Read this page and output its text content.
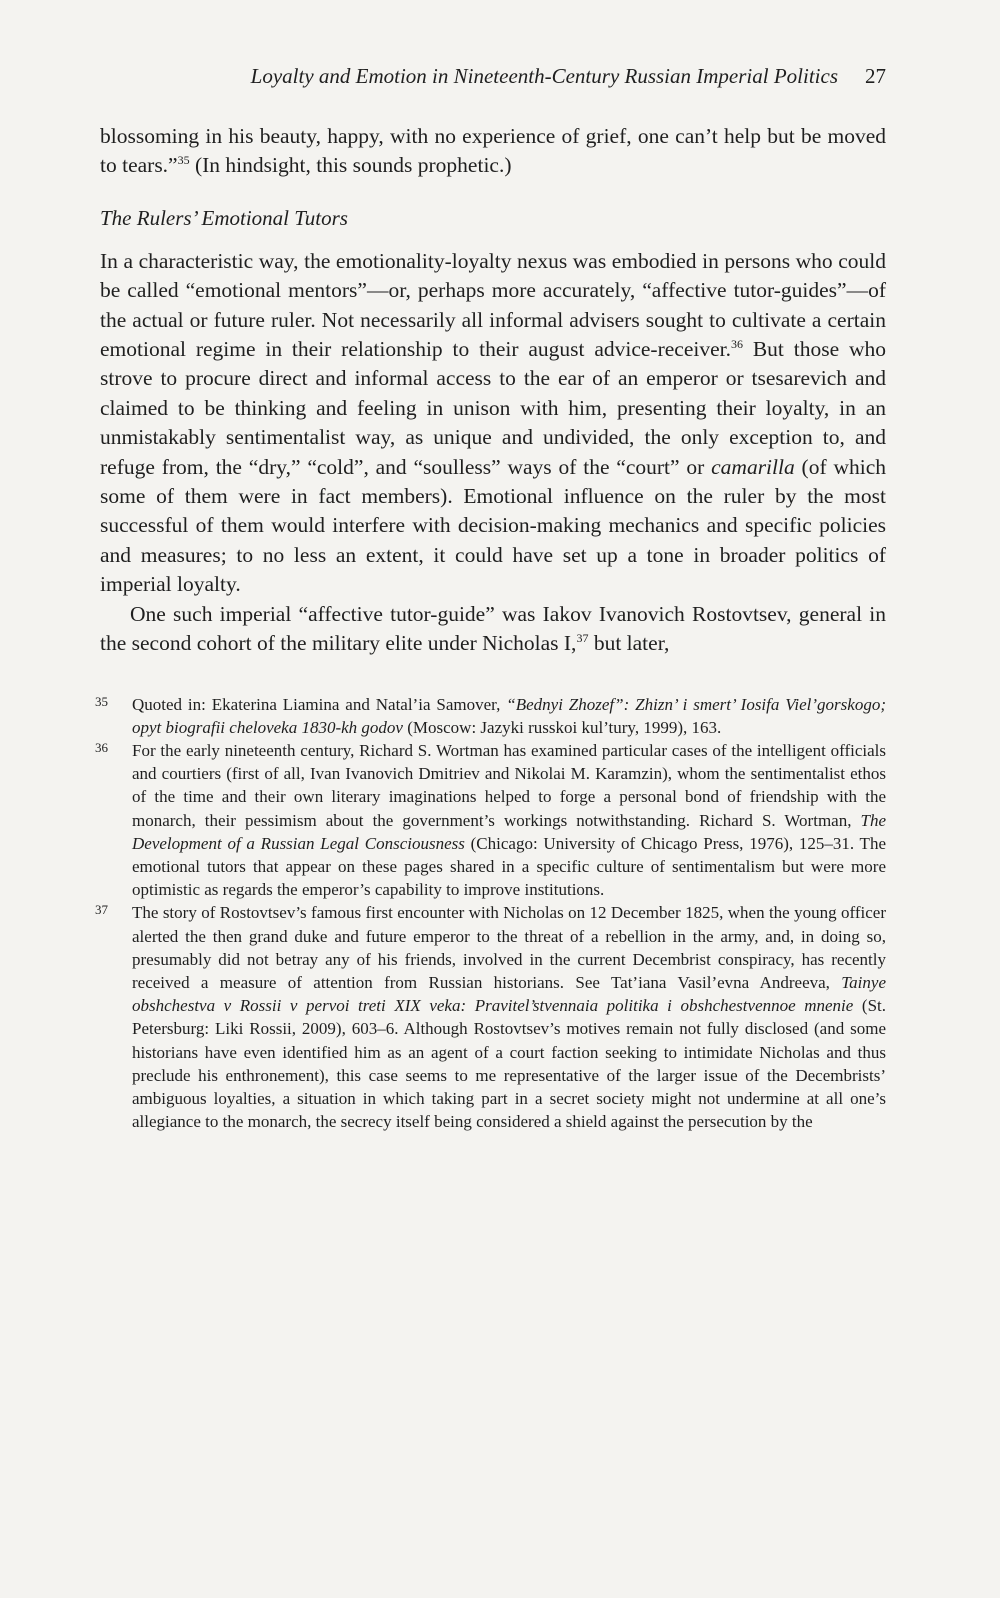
Loyalty and Emotion in Nineteenth-Century Russian Imperial Politics 27

blossoming in his beauty, happy, with no experience of grief, one can’t help but be moved to tears.”$^{35}$ (In hindsight, this sounds prophetic.)

The Rulers’ Emotional Tutors

In a characteristic way, the emotionality-loyalty nexus was embodied in persons who could be called “emotional mentors”—or, perhaps more accurately, “affective tutor-guides”—of the actual or future ruler. Not necessarily all informal advisers sought to cultivate a certain emotional regime in their relationship to their august advice-receiver.$^{36}$ But those who strove to procure direct and informal access to the ear of an emperor or tsesarevich and claimed to be thinking and feeling in unison with him, presenting their loyalty, in an unmistakably sentimentalist way, as unique and undivided, the only exception to, and refuge from, the “dry,” “cold”, and “soulless” ways of the “court” or camarilla (of which some of them were in fact members). Emotional influence on the ruler by the most successful of them would interfere with decision-making mechanics and specific policies and measures; to no less an extent, it could have set up a tone in broader politics of imperial loyalty.

One such imperial “affective tutor-guide” was Iakov Ivanovich Rostovtsev, general in the second cohort of the military elite under Nicholas I,$^{37}$ but later,

35 Quoted in: Ekaterina Liamina and Natal’ia Samover, “Bednyi Zhozef”: Zhizn’ i smert’ Iosifa Viel’gorskogo; opyt biografii cheloveka 1830-kh godov (Moscow: Jazyki russkoi kul’tury, 1999), 163.
36 For the early nineteenth century, Richard S. Wortman has examined particular cases of the intelligent officials and courtiers (first of all, Ivan Ivanovich Dmitriev and Nikolai M. Karamzin), whom the sentimentalist ethos of the time and their own literary imaginations helped to forge a personal bond of friendship with the monarch, their pessimism about the government’s workings notwithstanding. Richard S. Wortman, The Development of a Russian Legal Consciousness (Chicago: University of Chicago Press, 1976), 125–31. The emotional tutors that appear on these pages shared in a specific culture of sentimentalism but were more optimistic as regards the emperor’s capability to improve institutions.
37 The story of Rostovtsev’s famous first encounter with Nicholas on 12 December 1825, when the young officer alerted the then grand duke and future emperor to the threat of a rebellion in the army, and, in doing so, presumably did not betray any of his friends, involved in the current Decembrist conspiracy, has recently received a measure of attention from Russian historians. See Tat’iana Vasil’evna Andreeva, Tainye obshchestva v Rossii v pervoi treti XIX veka: Pravitel’stvennaia politika i obshchestvennoe mnenie (St. Petersburg: Liki Rossii, 2009), 603–6. Although Rostovtsev’s motives remain not fully disclosed (and some historians have even identified him as an agent of a court faction seeking to intimidate Nicholas and thus preclude his enthronement), this case seems to me representative of the larger issue of the Decembrists’ ambiguous loyalties, a situation in which taking part in a secret society might not undermine at all one’s allegiance to the monarch, the secrecy itself being considered a shield against the persecution by the
